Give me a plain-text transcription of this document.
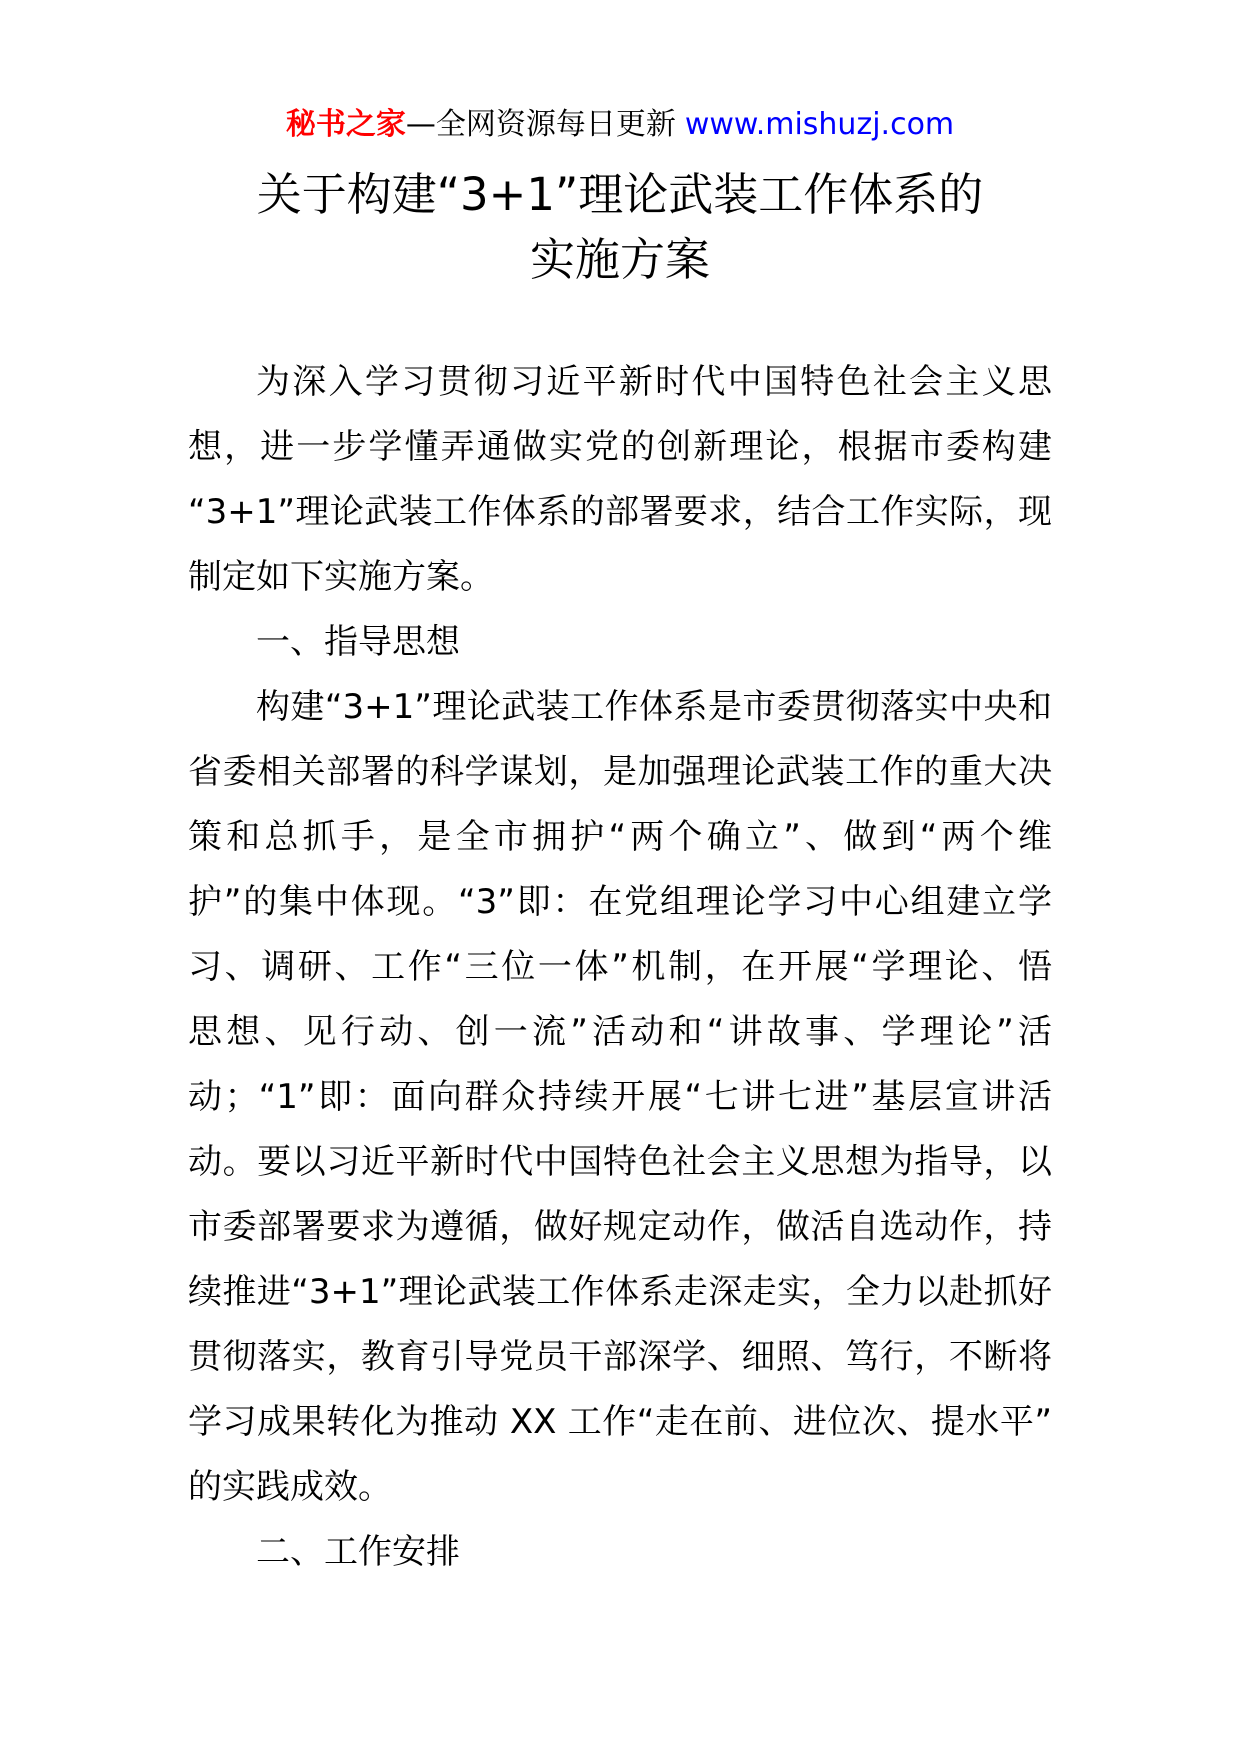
秘书之家—全网资源每日更新 www.mishuzj.com
关于构建“3+1”理论武装工作体系的
实施方案
为深入学习贯彻习近平新时代中国特色社会主义思
想，进一步学懂弄通做实党的创新理论，根据市委构建
“3+1”理论武装工作体系的部署要求，结合工作实际，现
制定如下实施方案。
一、指导思想
构建“3+1”理论武装工作体系是市委贯彻落实中央和
省委相关部署的科学谋划，是加强理论武装工作的重大决
策和总抓手，是全市拥护“两个确立”、做到“两个维
护”的集中体现。“3”即：在党组理论学习中心组建立学
习、调研、工作“三位一体”机制，在开展“学理论、悟
思想、见行动、创一流”活动和“讲故事、学理论”活
动；“1”即：面向群众持续开展“七讲七进”基层宣讲活
动。要以习近平新时代中国特色社会主义思想为指导，以
市委部署要求为遵循，做好规定动作，做活自选动作，持
续推进“3+1”理论武装工作体系走深走实，全力以赴抓好
贯彻落实，教育引导党员干部深学、细照、笃行，不断将
学习成果转化为推动 XX 工作“走在前、进位次、提水平”
的实践成效。
二、工作安排
